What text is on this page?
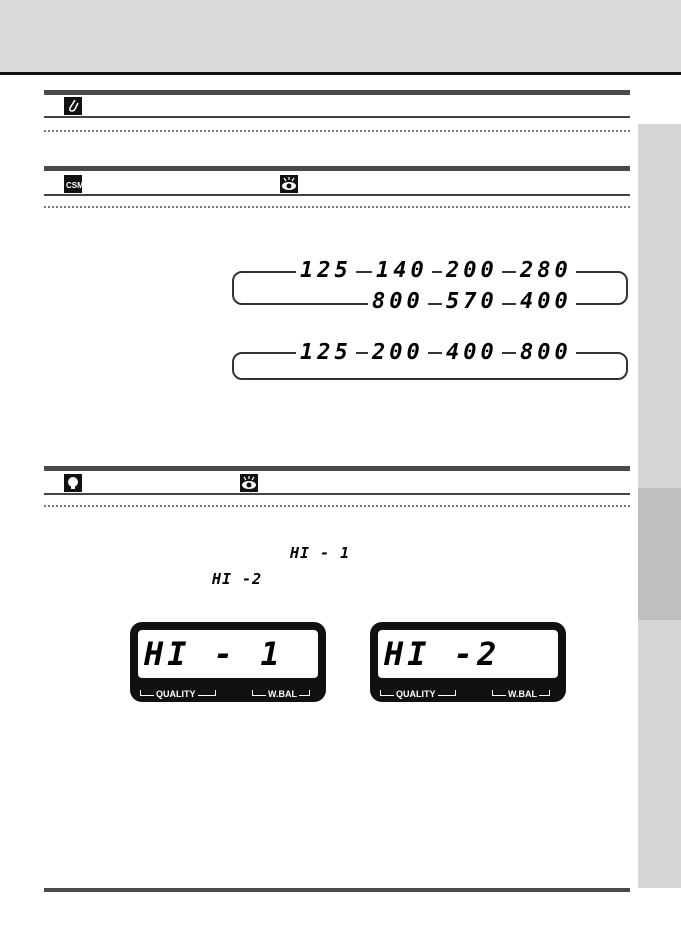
CSM
125 140 200 280
800 570 400
125 200 400 800
HI - 1
HI -2
HI - 1
QUALITY	W.BAL
HI -2
QUALITY	W.BAL
